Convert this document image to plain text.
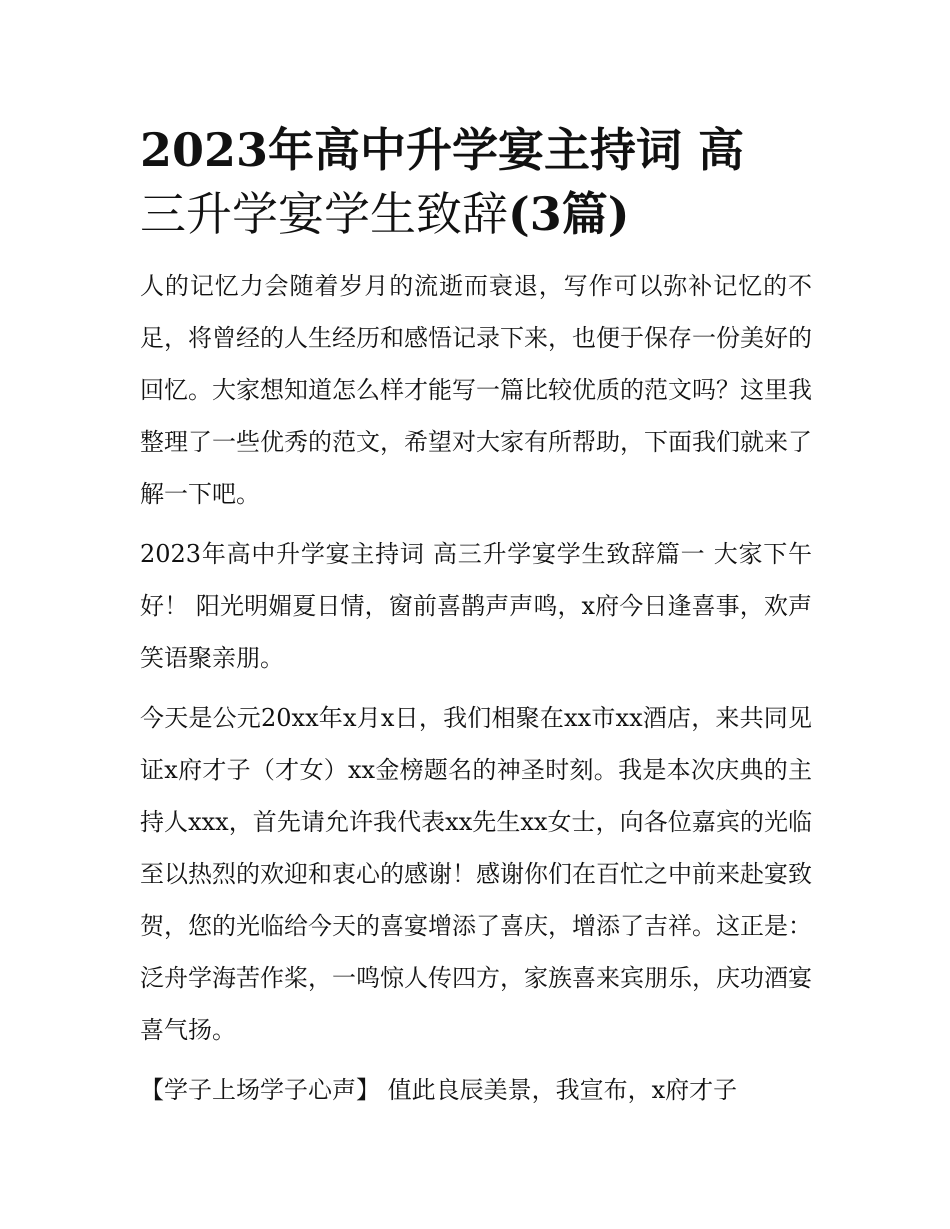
2023年高中升学宴主持词 高
三升学宴学生致辞(3篇)

人的记忆力会随着岁月的流逝而衰退，写作可以弥补记忆的不足，将曾经的人生经历和感悟记录下来，也便于保存一份美好的回忆。大家想知道怎么样才能写一篇比较优质的范文吗？这里我整理了一些优秀的范文，希望对大家有所帮助，下面我们就来了解一下吧。

2023年高中升学宴主持词 高三升学宴学生致辞篇一 大家下午好！ 阳光明媚夏日情，窗前喜鹊声声鸣，x府今日逢喜事，欢声笑语聚亲朋。

今天是公元20xx年x月x日，我们相聚在xx市xx酒店，来共同见证x府才子（才女）xx金榜题名的神圣时刻。我是本次庆典的主持人xxx，首先请允许我代表xx先生xx女士，向各位嘉宾的光临至以热烈的欢迎和衷心的感谢！感谢你们在百忙之中前来赴宴致贺，您的光临给今天的喜宴增添了喜庆，增添了吉祥。这正是：泛舟学海苦作桨，一鸣惊人传四方，家族喜来宾朋乐，庆功酒宴喜气扬。

【学子上场学子心声】 值此良辰美景，我宣布，x府才子
